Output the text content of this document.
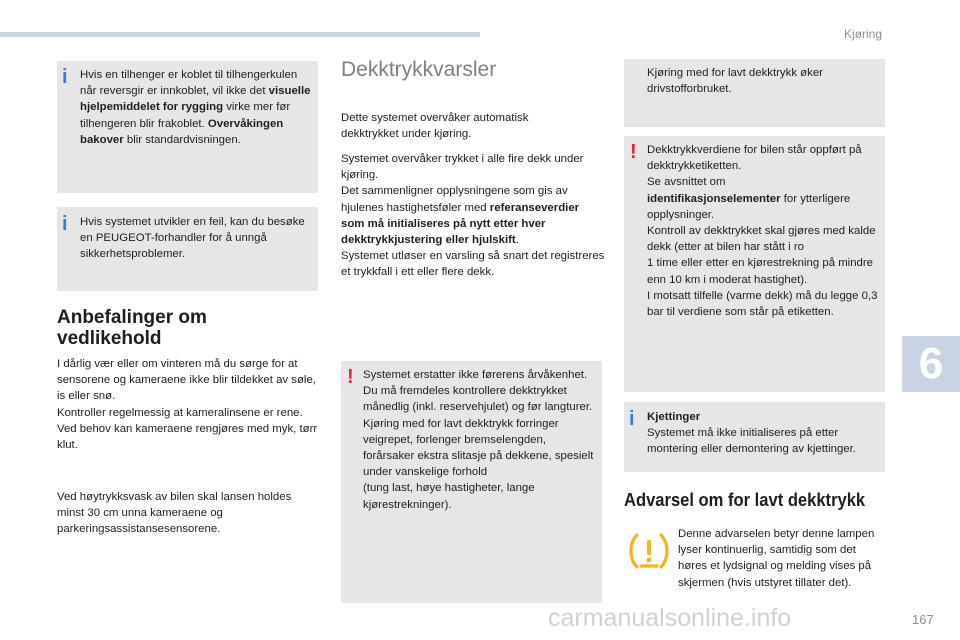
Kjøring
6
167
i Hvis en tilhenger er koblet til tilhengerkulen når reversgir er innkoblet, vil ikke det visuelle hjelpemiddelet for rygging virke mer før tilhengeren blir frakoblet. Overvåkingen bakover blir standardvisningen.

i Hvis systemet utvikler en feil, kan du besøke en PEUGEOT-forhandler for å unngå sikkerhetsproblemer.

Anbefalinger om vedlikehold

I dårlig vær eller om vinteren må du sørge for at sensorene og kameraene ikke blir tildekket av søle, is eller snø.
Kontroller regelmessig at kameralinsene er rene.
Ved behov kan kameraene rengjøres med myk, tørr klut.

Ved høytrykksvask av bilen skal lansen holdes minst 30 cm unna kameraene og parkeringsassistansesensorene.

Dekktrykkvarsler

Dette systemet overvåker automatisk dekktrykket under kjøring.

Systemet overvåker trykket i alle fire dekk under kjøring.
Det sammenligner opplysningene som gis av hjulenes hastighetsføler med referanseverdier som må initialiseres på nytt etter hver dekktrykkjustering eller hjulskift.
Systemet utløser en varsling så snart det registreres et trykkfall i ett eller flere dekk.

! Systemet erstatter ikke førerens årvåkenhet.
Du må fremdeles kontrollere dekktrykket månedlig (inkl. reservehjulet) og før langturer.
Kjøring med for lavt dekktrykk forringer veigrepet, forlenger bremselengden, forårsaker ekstra slitasje på dekkene, spesielt under vanskelige forhold
(tung last, høye hastigheter, lange kjørestrekninger).

Kjøring med for lavt dekktrykk øker drivstofforbruket.

! Dekktrykkverdiene for bilen står oppført på dekktrykketiketten.
Se avsnittet om
identifikasjonselementer for ytterligere opplysninger.
Kontroll av dekktrykket skal gjøres med kalde dekk (etter at bilen har stått i ro
1 time eller etter en kjørestrekning på mindre enn 10 km i moderat hastighet).
I motsatt tilfelle (varme dekk) må du legge 0,3 bar til verdiene som står på etiketten.

i Kjettinger
Systemet må ikke initialiseres på etter montering eller demontering av kjettinger.

Advarsel om for lavt dekktrykk

Denne advarselen betyr denne lampen lyser kontinuerlig, samtidig som det høres et lydsignal og melding vises på skjermen (hvis utstyret tillater det).

carmanualsonline.info
